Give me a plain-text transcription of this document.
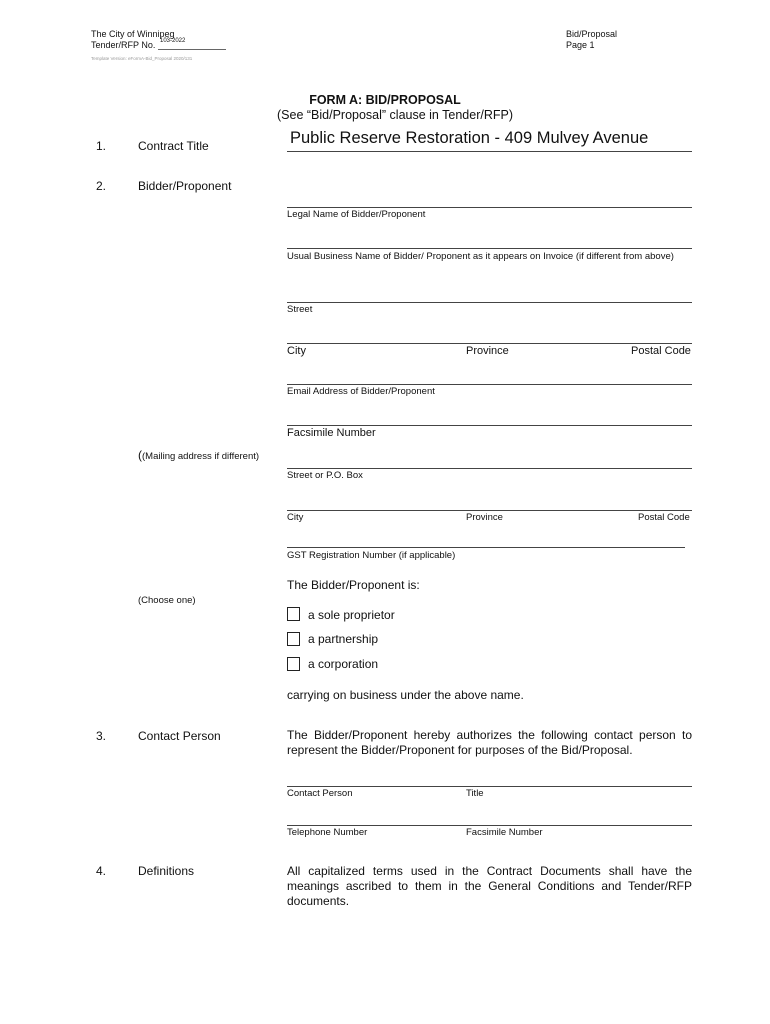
The City of Winnipeg
Tender/RFP No. 103-2022
Bid/Proposal
Page 1
Template Version: eFormA-Bid_Proposal 2020/131
FORM A: BID/PROPOSAL
(See “Bid/Proposal” clause in Tender/RFP)
1.	Contract Title	Public Reserve Restoration - 409 Mulvey Avenue
2.	Bidder/Proponent
Legal Name of Bidder/Proponent
Usual Business Name of Bidder/ Proponent as it appears on Invoice (if different from above)
Street
City	Province	Postal Code
Email Address of Bidder/Proponent
Facsimile Number
((Mailing address if different)
Street or P.O. Box
City	Province	Postal Code
GST Registration Number (if applicable)
The Bidder/Proponent is:
(Choose one)
a sole proprietor
a partnership
a corporation
carrying on business under the above name.
3.	Contact Person	The Bidder/Proponent hereby authorizes the following contact person to represent the Bidder/Proponent for purposes of the Bid/Proposal.
Contact Person	Title
Telephone Number	Facsimile Number
4.	Definitions	All capitalized terms used in the Contract Documents shall have the meanings ascribed to them in the General Conditions and Tender/RFP documents.
